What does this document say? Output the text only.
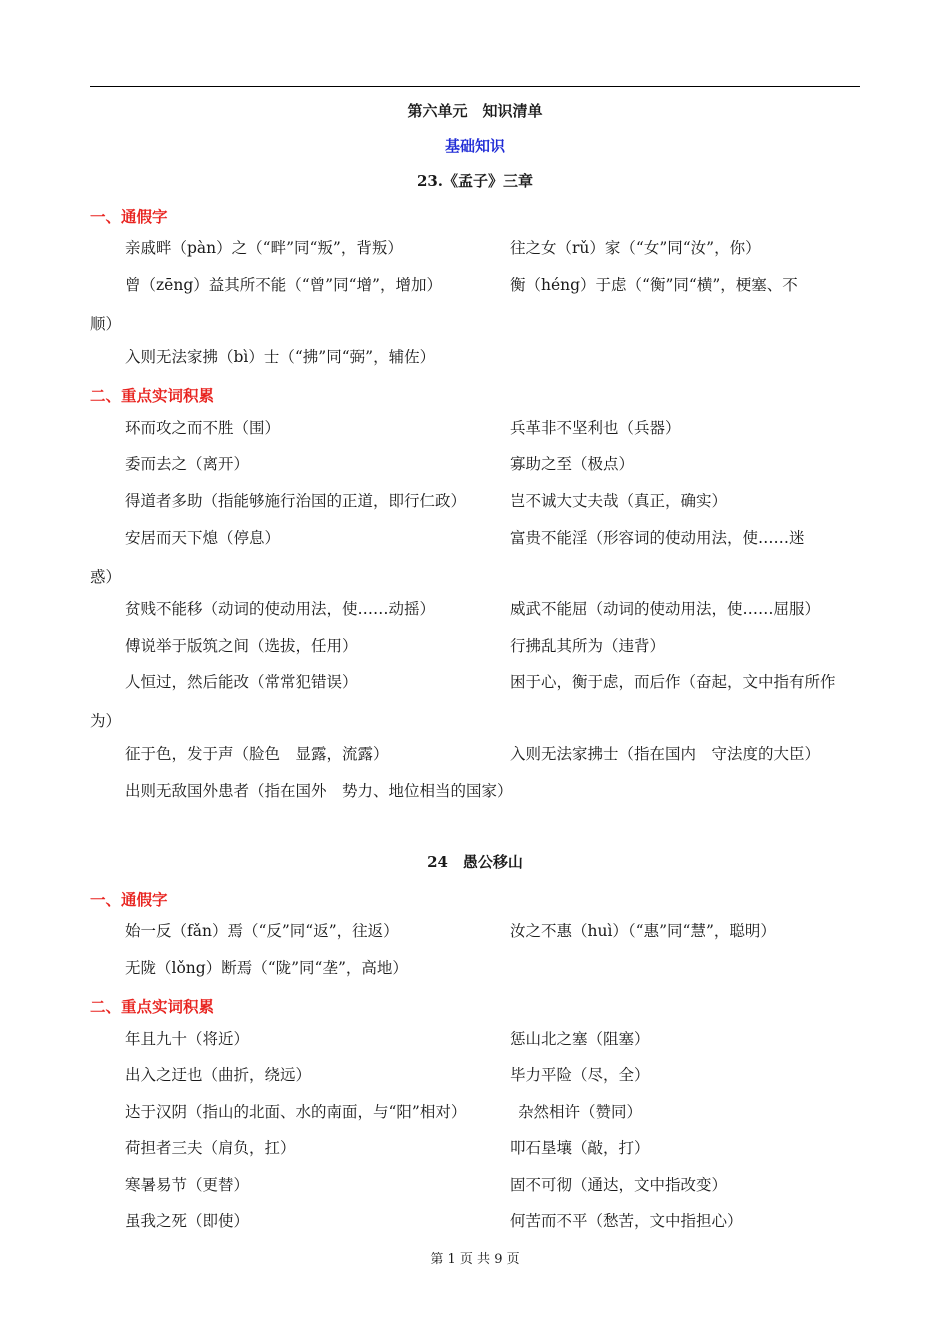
第六单元　知识清单
基础知识
23.《孟子》三章
一、通假字
亲戚畔（pàn）之（“畔”同“叛”，背叛）	往之女（rǔ）家（“女”同“汝”，你）
曾（zēng）益其所不能（“曾”同“增”，增加）	衡（héng）于虑（“衡”同“横”，梗塞、不
顺）
入则无法家拂（bì）士（“拂”同“弼”，辅佐）
二、重点实词积累
环而攻之而不胜（围）	兵革非不坚利也（兵器）
委而去之（离开）	寡助之至（极点）
得道者多助（指能够施行治国的正道，即行仁政）	岂不诚大丈夫哉（真正，确实）
安居而天下熄（停息）	富贵不能淫（形容词的使动用法，使……迷
惑）
贫贱不能移（动词的使动用法，使……动摇）	威武不能屈（动词的使动用法，使……屈服）
傅说举于版筑之间（选拔，任用）	行拂乱其所为（违背）
人恒过，然后能改（常常犯错误）	困于心，衡于虑，而后作（奋起，文中指有所作
为）
征于色，发于声（脸色　显露，流露）	入则无法家拂士（指在国内　守法度的大臣）
出则无敌国外患者（指在国外　势力、地位相当的国家）
24　愚公移山
一、通假字
始一反（fǎn）焉（“反”同“返”，往返）	汝之不惠（huì）（“惠”同“慧”，聪明）
无陇（lǒng）断焉（“陇”同“垄”，高地）
二、重点实词积累
年且九十（将近）	惩山北之塞（阻塞）
出入之迂也（曲折，绕远）	毕力平险（尽，全）
达于汉阴（指山的北面、水的南面，与“阳”相对）	杂然相许（赞同）
荷担者三夫（肩负，扛）	叩石垦壤（敲，打）
寒暑易节（更替）	固不可彻（通达，文中指改变）
虽我之死（即使）	何苦而不平（愁苦，文中指担心）
第 1 页 共 9 页
